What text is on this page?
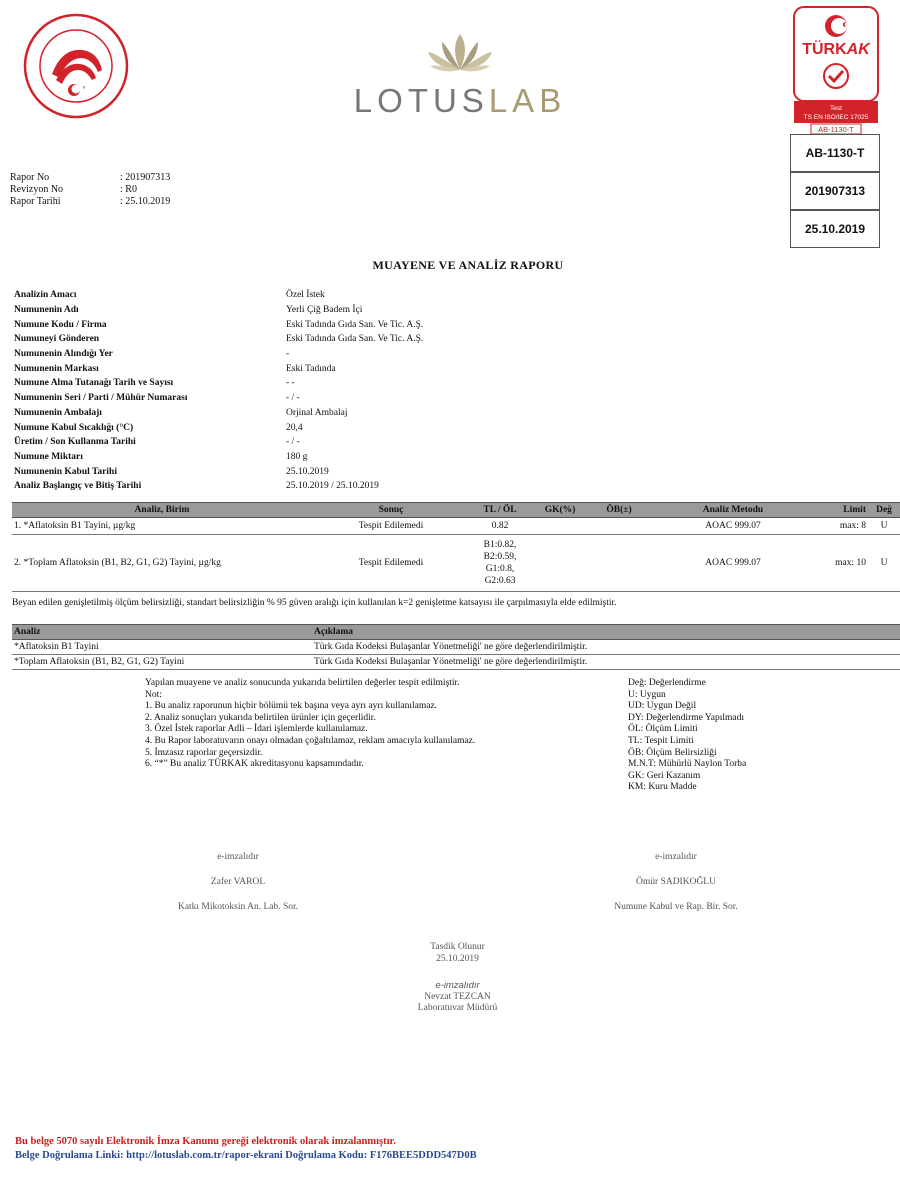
LOTUSLAB
TÜRKAK
Test
TS EN ISO/IEC 17025
AB-1130-T
AB-1130-T
201907313
25.10.2019
Rapor No	: 201907313
Revizyon No	: R0
Rapor Tarihi	: 25.10.2019
MUAYENE VE ANALİZ RAPORU
Analizin Amacı	Özel İstek
Numunenin Adı	Yerli Çiğ Badem İçi
Numune Kodu / Firma	Eski Tadında Gıda San. Ve Tic. A.Ş.
Numuneyi Gönderen	Eski Tadında Gıda San. Ve Tic. A.Ş.
Numunenin Alındığı Yer	-
Numunenin Markası	Eski Tadında
Numune Alma Tutanağı Tarih ve Sayısı	- -
Numunenin Seri / Parti / Mühür Numarası	- / -
Numunenin Ambalajı	Orjinal Ambalaj
Numune Kabul Sıcaklığı (°C)	20,4
Üretim / Son Kullanma Tarihi	- / -
Numune Miktarı	180 g
Numunenin Kabul Tarihi	25.10.2019
Analiz Başlangıç ve Bitiş Tarihi	25.10.2019 / 25.10.2019
Analiz, Birim	Sonuç	TL / ÖL	GK(%)	ÖB(±)	Analiz Metodu	Limit	Değ
1. *Aflatoksin B1 Tayini, µg/kg	Tespit Edilemedi	0.82			AOAC 999.07	max: 8	U
2. *Toplam Aflatoksin (B1, B2, G1, G2) Tayini, µg/kg	Tespit Edilemedi	B1:0.82,
B2:0.59,
G1:0.8,
G2:0.63			AOAC 999.07	max: 10	U
Beyan edilen genişletilmiş ölçüm belirsizliği, standart belirsizliğin % 95 güven aralığı için kullanılan k=2 genişletme katsayısı ile çarpılmasıyla elde edilmiştir.
Analiz	Açıklama
*Aflatoksin B1 Tayini	Türk Gıda Kodeksi Bulaşanlar Yönetmeliği' ne göre değerlendirilmiştir.
*Toplam Aflatoksin (B1, B2, G1, G2) Tayini	Türk Gıda Kodeksi Bulaşanlar Yönetmeliği' ne göre değerlendirilmiştir.
Yapılan muayene ve analiz sonucunda yukarıda belirtilen değerler tespit edilmiştir.
Not:
1. Bu analiz raporunun hiçbir bölümü tek başına veya ayrı ayrı kullanılamaz.
2. Analiz sonuçları yukarıda belirtilen ürünler için geçerlidir.
3. Özel İstek raporlar Adli – İdari işlemlerde kullanılamaz.
4. Bu Rapor laboratuvarın onayı olmadan çoğaltılamaz, reklam amacıyla kullanılamaz.
5. İmzasız raporlar geçersizdir.
6. “*” Bu analiz TÜRKAK akreditasyonu kapsamındadır.
Değ: Değerlendirme
U: Uygun
UD: Uygun Değil
DY: Değerlendirme Yapılmadı
ÖL: Ölçüm Limiti
TL: Tespit Limiti
ÖB: Ölçüm Belirsizliği
M.N.T: Mühürlü Naylon Torba
GK: Geri Kazanım
KM: Kuru Madde
e-imzalıdır
Zafer VAROL
Katkı Mikotoksin An. Lab. Sor.
e-imzalıdır
Ömür SADIKOĞLU
Numune Kabul ve Rap. Bir. Sor.
Tasdik Olunur
25.10.2019
e-imzalıdır
Nevzat TEZCAN
Laboratuvar Müdürü
Bu belge 5070 sayılı Elektronik İmza Kanunu gereği elektronik olarak imzalanmıştır.
Belge Doğrulama Linki: http://lotuslab.com.tr/rapor-ekrani Doğrulama Kodu: F176BEE5DDD547D0B
